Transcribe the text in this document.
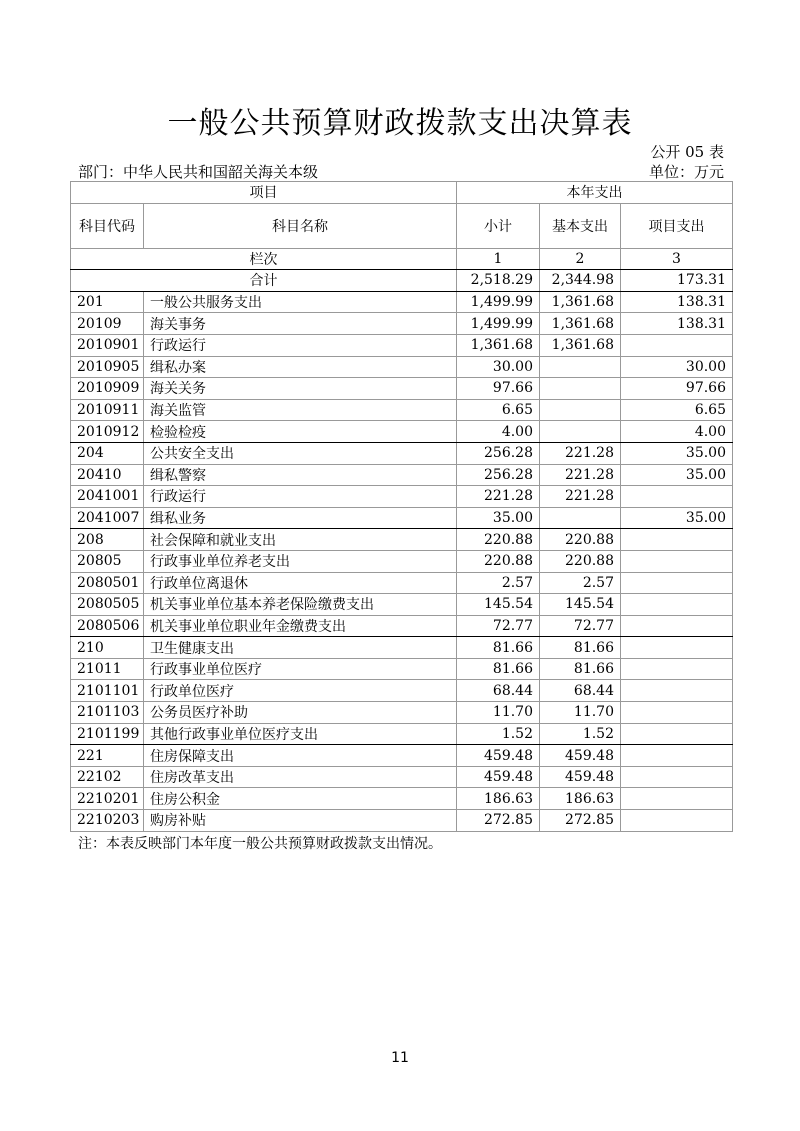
一般公共预算财政拨款支出决算表
公开 05 表
部门：中华人民共和国韶关海关本级	单位：万元
项目		本年支出		
科目代码	科目名称	小计	基本支出	项目支出
栏次		1	2	3
合计		2,518.29	2,344.98	173.31
201	一般公共服务支出	1,499.99	1,361.68	138.31
20109	海关事务	1,499.99	1,361.68	138.31
2010901	行政运行	1,361.68	1,361.68	
2010905	缉私办案	30.00		30.00
2010909	海关关务	97.66		97.66
2010911	海关监管	6.65		6.65
2010912	检验检疫	4.00		4.00
204	公共安全支出	256.28	221.28	35.00
20410	缉私警察	256.28	221.28	35.00
2041001	行政运行	221.28	221.28	
2041007	缉私业务	35.00		35.00
208	社会保障和就业支出	220.88	220.88	
20805	行政事业单位养老支出	220.88	220.88	
2080501	行政单位离退休	2.57	2.57	
2080505	机关事业单位基本养老保险缴费支出	145.54	145.54	
2080506	机关事业单位职业年金缴费支出	72.77	72.77	
210	卫生健康支出	81.66	81.66	
21011	行政事业单位医疗	81.66	81.66	
2101101	行政单位医疗	68.44	68.44	
2101103	公务员医疗补助	11.70	11.70	
2101199	其他行政事业单位医疗支出	1.52	1.52	
221	住房保障支出	459.48	459.48	
22102	住房改革支出	459.48	459.48	
2210201	住房公积金	186.63	186.63	
2210203	购房补贴	272.85	272.85	
注：本表反映部门本年度一般公共预算财政拨款支出情况。
11
